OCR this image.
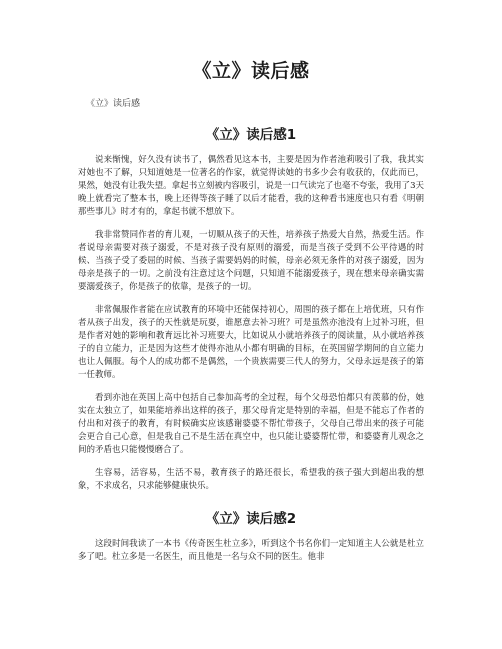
《立》读后感
《立》读后感
《立》读后感1

说来惭愧，好久没有读书了，偶然看见这本书，主要是因为作者池莉吸引了我，我其实对她也不了解，只知道她是一位著名的作家，就觉得读她的书多少会有收获的，仅此而已，果然，她没有让我失望。拿起书立刻被内容吸引，说是一口气读完了也毫不夸张，我用了3天晚上就看完了整本书，晚上还得等孩子睡了以后才能看，我的这种看书速度也只有看《明朝那些事儿》时才有的，拿起书就不想放下。

我非常赞同作者的育儿观，一切顺从孩子的天性，培养孩子热爱大自然，热爱生活。作者说母亲需要对孩子溺爱，不是对孩子没有原则的溺爱，而是当孩子受到不公平待遇的时候、当孩子受了委屈的时候、当孩子需要妈妈的时候，母亲必须无条件的对孩子溺爱，因为母亲是孩子的一切。之前没有注意过这个问题，只知道不能溺爱孩子，现在想来母亲确实需要溺爱孩子，你是孩子的依靠，是孩子的一切。

非常佩服作者能在应试教育的环境中还能保持初心，周围的孩子都在上培优班，只有作者从孩子出发，孩子的天性就是玩耍，谁愿意去补习班？可是虽然亦池没有上过补习班，但是作者对她的影响和教育远比补习班要大，比如说从小就培养孩子的阅读量，从小就培养孩子的自立能力，正是因为这些才使得亦池从小都有明确的目标，在英国留学期间的自立能力也让人佩服。每个人的成功都不是偶然，一个贵族需要三代人的努力，父母永远是孩子的第一任教师。

看到亦池在英国上高中包括自己参加高考的全过程，每个父母恐怕都只有羡慕的份，她实在太独立了，如果能培养出这样的孩子，那父母肯定是特别的幸福，但是不能忘了作者的付出和对孩子的教育，有时候确实应该感谢婆婆不帮忙带孩子，父母自己带出来的孩子可能会更合自己心意，但是我自己不是生活在真空中，也只能让婆婆帮忙带，和婆婆育儿观念之间的矛盾也只能慢慢磨合了。

生容易，活容易，生活不易，教育孩子的路还很长，希望我的孩子强大到超出我的想象，不求成名，只求能够健康快乐。

《立》读后感2

这段时间我读了一本书《传奇医生杜立多》，听到这个书名你们一定知道主人公就是杜立多了吧。杜立多是一名医生，而且他是一名与众不同的医生。他非
